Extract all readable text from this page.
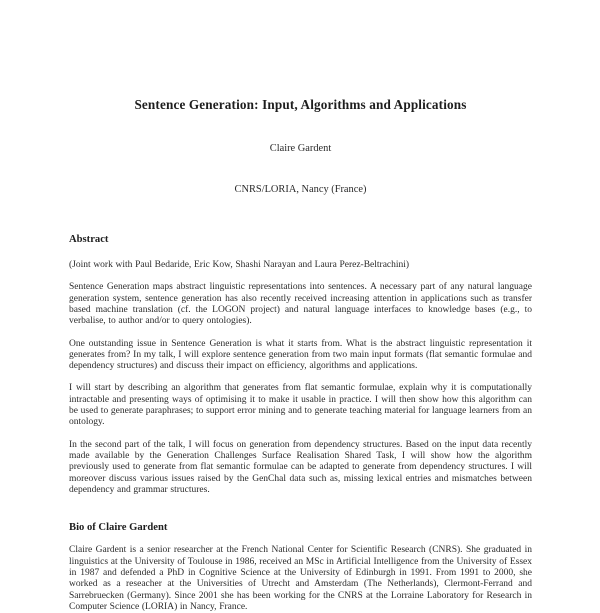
Sentence Generation: Input, Algorithms and Applications

Claire Gardent

CNRS/LORIA, Nancy (France)

Abstract

(Joint work with Paul Bedaride, Eric Kow, Shashi Narayan and Laura Perez-Beltrachini)

Sentence Generation maps abstract linguistic representations into sentences. A necessary part of any natural language generation system, sentence generation has also recently received increasing attention in applications such as transfer based machine translation (cf. the LOGON project) and natural language interfaces to knowledge bases (e.g., to verbalise, to author and/or to query ontologies).

One outstanding issue in Sentence Generation is what it starts from. What is the abstract linguistic representation it generates from? In my talk, I will explore sentence generation from two main input formats (flat semantic formulae and dependency structures) and discuss their impact on efficiency, algorithms and applications.

I will start by describing an algorithm that generates from flat semantic formulae, explain why it is computationally intractable and presenting ways of optimising it to make it usable in practice. I will then show how this algorithm can be used to generate paraphrases; to support error mining and to generate teaching material for language learners from an ontology.

In the second part of the talk, I will focus on generation from dependency structures. Based on the input data recently made available by the Generation Challenges Surface Realisation Shared Task, I will show how the algorithm previously used to generate from flat semantic formulae can be adapted to generate from dependency structures. I will moreover discuss various issues raised by the GenChal data such as, missing lexical entries and mismatches between dependency and grammar structures.

Bio of Claire Gardent

Claire Gardent is a senior researcher at the French National Center for Scientific Research (CNRS). She graduated in linguistics at the University of Toulouse in 1986, received an MSc in Artificial Intelligence from the University of Essex in 1987 and defended a PhD in Cognitive Science at the University of Edinburgh in 1991. From 1991 to 2000, she worked as a reseacher at the Universities of Utrecht and Amsterdam (The Netherlands), Clermont-Ferrand and Sarrebruecken (Germany). Since 2001 she has been working for the CNRS at the Lorraine Laboratory for Research in Computer Science (LORIA) in Nancy, France.
